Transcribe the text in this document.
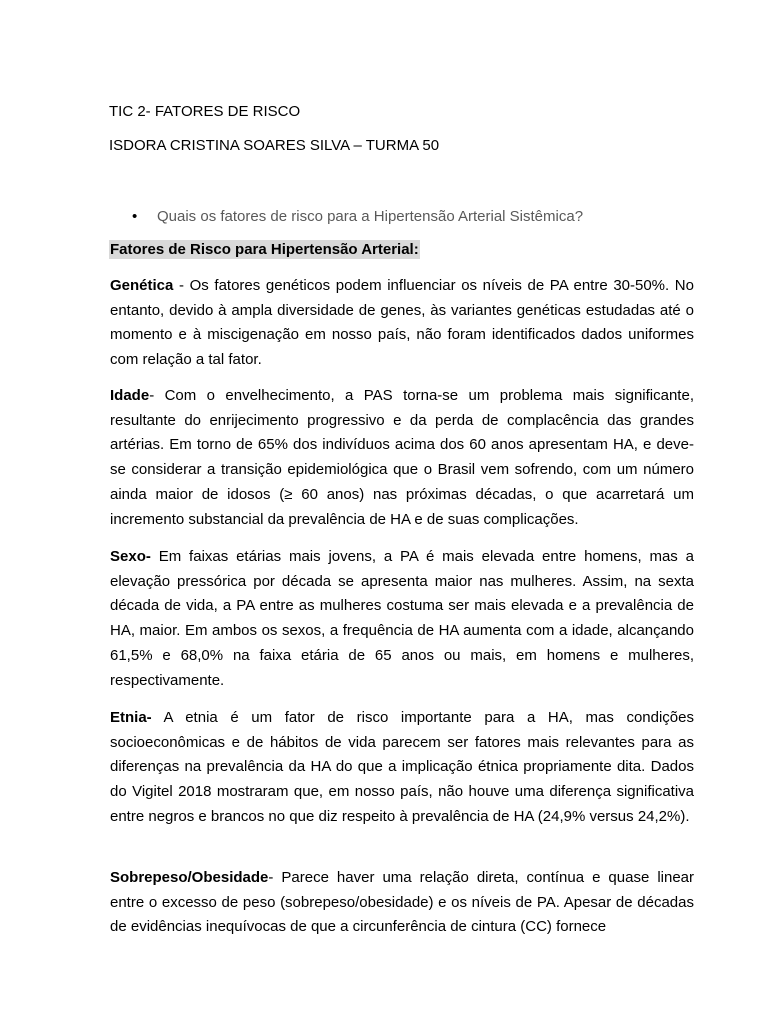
TIC 2- FATORES DE RISCO

ISDORA CRISTINA SOARES SILVA – TURMA 50

• Quais os fatores de risco para a Hipertensão Arterial Sistêmica?

Fatores de Risco para Hipertensão Arterial:

Genética - Os fatores genéticos podem influenciar os níveis de PA entre 30-50%. No entanto, devido à ampla diversidade de genes, às variantes genéticas estudadas até o momento e à miscigenação em nosso país, não foram identificados dados uniformes com relação a tal fator.

Idade- Com o envelhecimento, a PAS torna-se um problema mais significante, resultante do enrijecimento progressivo e da perda de complacência das grandes artérias. Em torno de 65% dos indivíduos acima dos 60 anos apresentam HA, e deve-se considerar a transição epidemiológica que o Brasil vem sofrendo, com um número ainda maior de idosos (≥ 60 anos) nas próximas décadas, o que acarretará um incremento substancial da prevalência de HA e de suas complicações.

Sexo- Em faixas etárias mais jovens, a PA é mais elevada entre homens, mas a elevação pressórica por década se apresenta maior nas mulheres. Assim, na sexta década de vida, a PA entre as mulheres costuma ser mais elevada e a prevalência de HA, maior. Em ambos os sexos, a frequência de HA aumenta com a idade, alcançando 61,5% e 68,0% na faixa etária de 65 anos ou mais, em homens e mulheres, respectivamente.

Etnia- A etnia é um fator de risco importante para a HA, mas condições socioeconômicas e de hábitos de vida parecem ser fatores mais relevantes para as diferenças na prevalência da HA do que a implicação étnica propriamente dita. Dados do Vigitel 2018 mostraram que, em nosso país, não houve uma diferença significativa entre negros e brancos no que diz respeito à prevalência de HA (24,9% versus 24,2%).

Sobrepeso/Obesidade- Parece haver uma relação direta, contínua e quase linear entre o excesso de peso (sobrepeso/obesidade) e os níveis de PA. Apesar de décadas de evidências inequívocas de que a circunferência de cintura (CC) fornece
